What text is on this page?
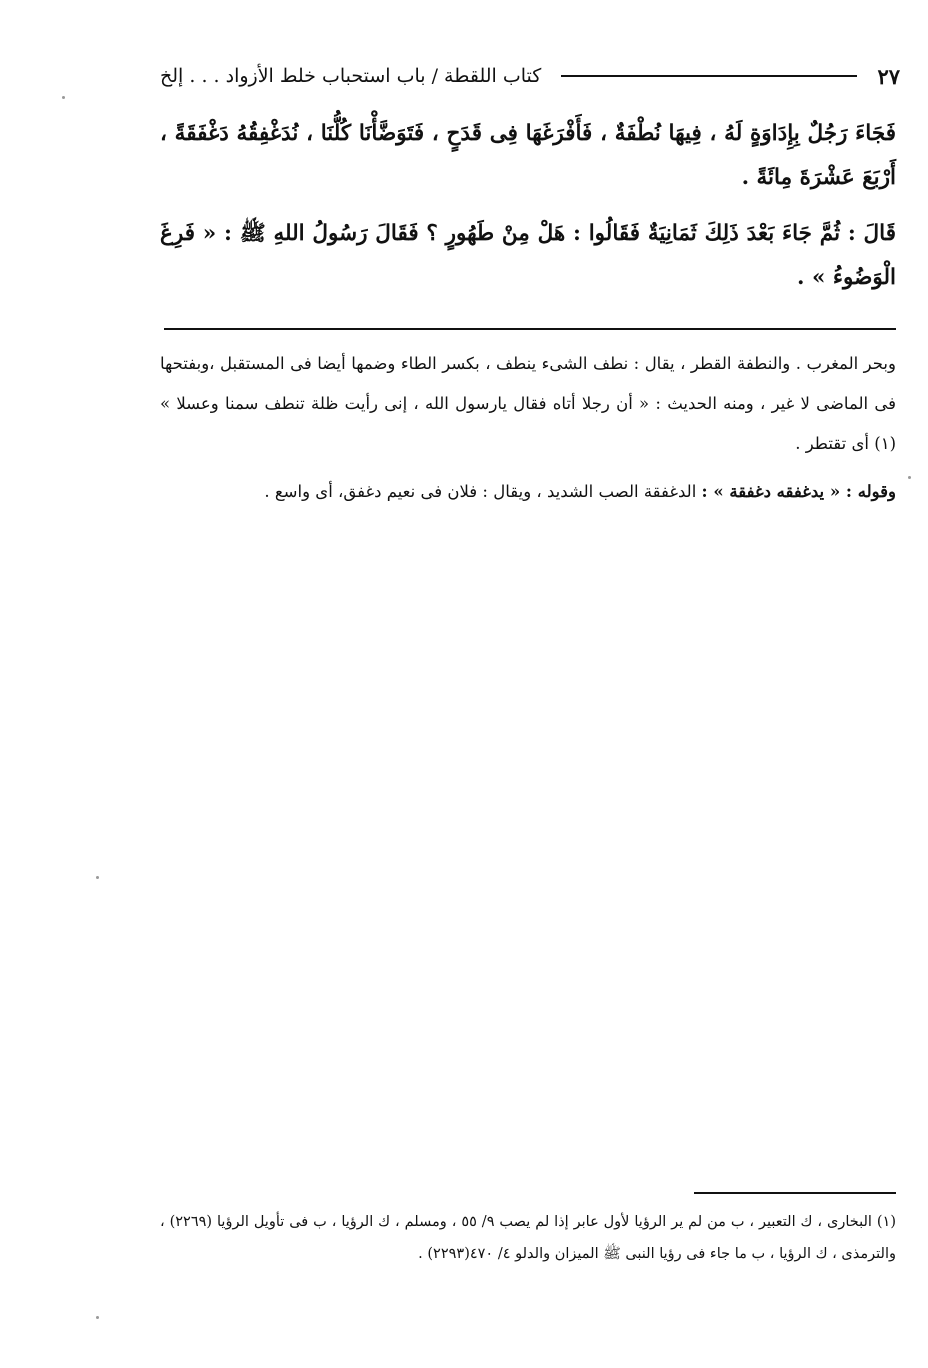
كتاب اللقطة / باب استحباب خلط الأزواد . . . إلخ	٢٧

فَجَاءَ رَجُلٌ بِإِدَاوَةٍ لَهُ ، فِيهَا نُطْفَةٌ ، فَأَفْرَغَهَا فِى قَدَحٍ ، فَتَوَضَّأْنَا كُلُّنَا ، نُدَغْفِقُهُ دَغْفَقَةً ، أَرْبَعَ عَشْرَةَ مِائَةً .

قَالَ : ثُمَّ جَاءَ بَعْدَ ذَلِكَ ثَمَانِيَةٌ فَقَالُوا : هَلْ مِنْ طَهُورٍ ؟ فَقَالَ رَسُولُ اللهِ ﷺ : « فَرِغَ الْوَضُوءُ » .

وبحر المغرب . والنطفة القطر ، يقال : نطف الشىء ينطف ، بكسر الطاء وضمها أيضا فى المستقبل ،وبفتحها فى الماضى لا غير ، ومنه الحديث : « أن رجلا أتاه فقال يارسول الله ، إنى رأيت ظلة تنطف سمنا وعسلا » (١) أى تقتطر .

وقوله : « يدغفقه دغفقة » : الدغفقة الصب الشديد ، ويقال : فلان فى نعيم دغفق، أى واسع .

(١) البخارى ، ك التعبير ، ب من لم ير الرؤيا لأول عابر إذا لم يصب ٩/ ٥٥ ، ومسلم ، ك الرؤيا ، ب فى تأويل الرؤيا (٢٢٦٩) ، والترمذى ، ك الرؤيا ، ب ما جاء فى رؤيا النبى ﷺ الميزان والدلو ٤/ ٤٧٠(٢٢٩٣) .
